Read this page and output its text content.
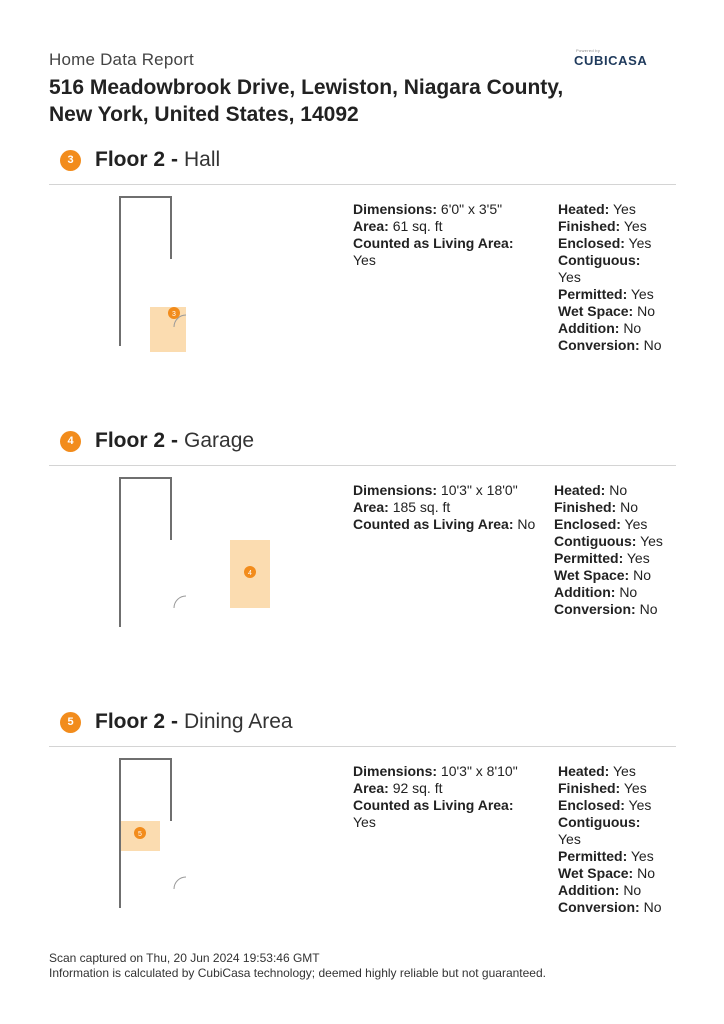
Home Data Report
516 Meadowbrook Drive, Lewiston, Niagara County, New York, United States, 14092
Powered by
CUBICASA
3	Floor 2 - Hall
3
Dimensions: 6'0" x 3'5"
Area: 61 sq. ft
Counted as Living Area:
Yes
Heated: Yes
Finished: Yes
Enclosed: Yes
Contiguous:
Yes
Permitted: Yes
Wet Space: No
Addition: No
Conversion: No
4	Floor 2 - Garage
4
Dimensions: 10'3" x 18'0"
Area: 185 sq. ft
Counted as Living Area: No
Heated: No
Finished: No
Enclosed: Yes
Contiguous: Yes
Permitted: Yes
Wet Space: No
Addition: No
Conversion: No
5	Floor 2 - Dining Area
5
Dimensions: 10'3" x 8'10"
Area: 92 sq. ft
Counted as Living Area:
Yes
Heated: Yes
Finished: Yes
Enclosed: Yes
Contiguous:
Yes
Permitted: Yes
Wet Space: No
Addition: No
Conversion: No
Scan captured on Thu, 20 Jun 2024 19:53:46 GMT
Information is calculated by CubiCasa technology; deemed highly reliable but not guaranteed.
